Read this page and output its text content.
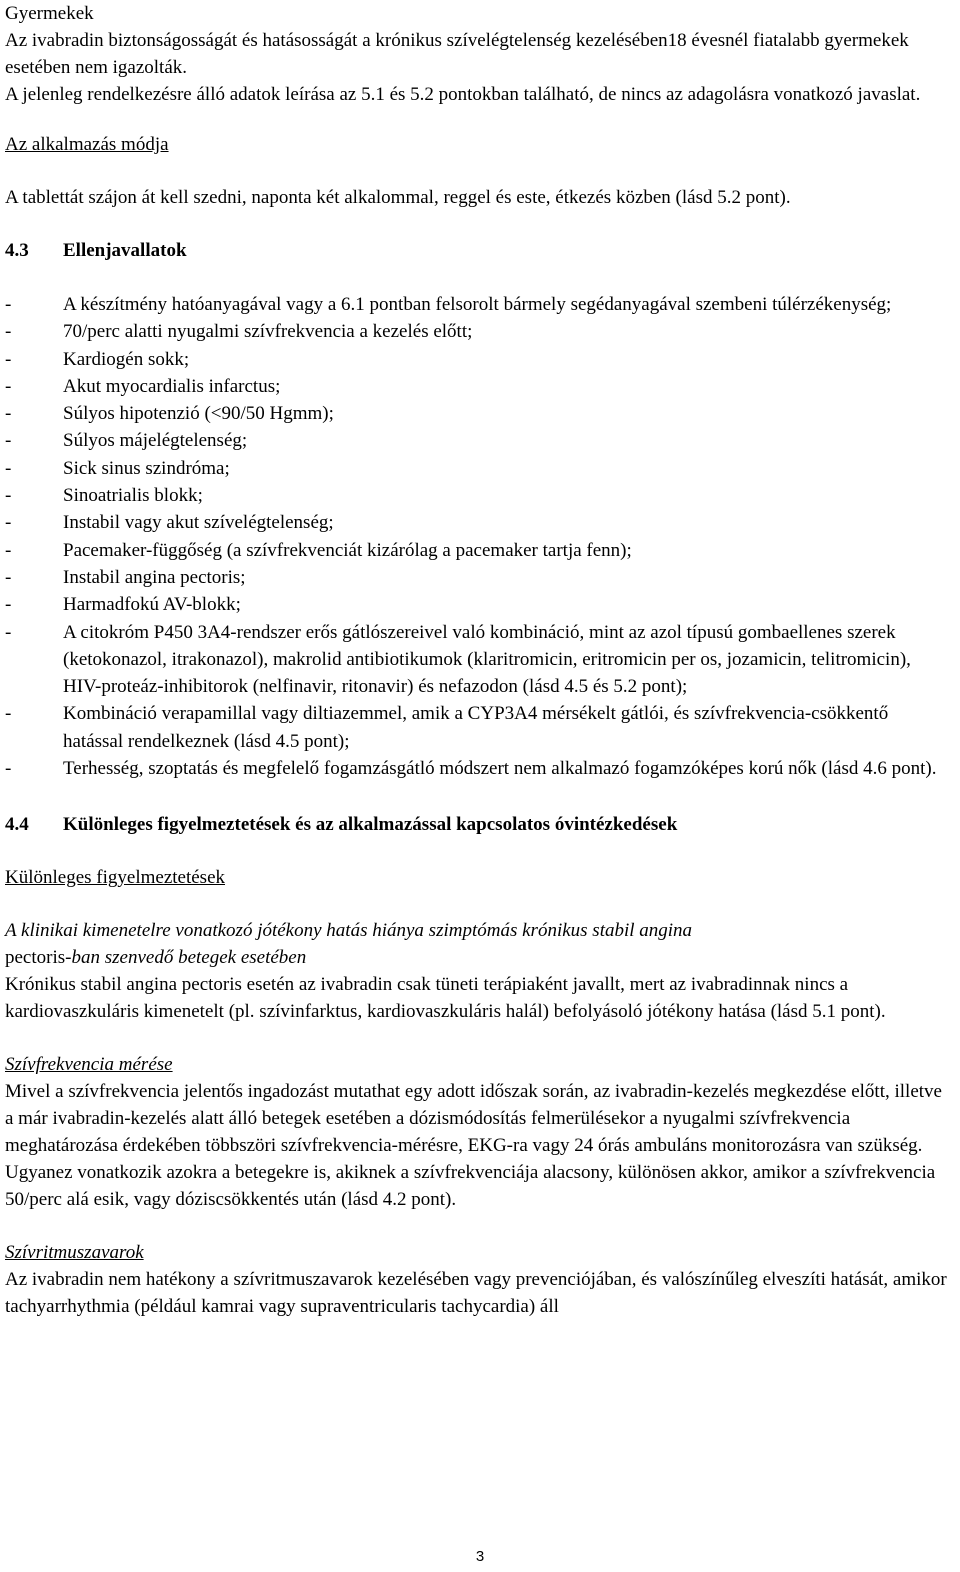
Gyermekek

Az ivabradin biztonságosságát és hatásosságát a krónikus szívelégtelenség kezelésében18 évesnél fiatalabb gyermekek esetében nem igazolták.

A jelenleg rendelkezésre álló adatok leírása az 5.1 és 5.2 pontokban található, de nincs az adagolásra vonatkozó javaslat.

Az alkalmazás módja

A tablettát szájon át kell szedni, naponta két alkalommal, reggel és este, étkezés közben (lásd 5.2 pont).

4.3	Ellenjavallatok
-	A készítmény hatóanyagával vagy a 6.1 pontban felsorolt bármely segédanyagával szembeni túlérzékenység;
-	70/perc alatti nyugalmi szívfrekvencia a kezelés előtt;
-	Kardiogén sokk;
-	Akut myocardialis infarctus;
-	Súlyos hipotenzió (<90/50 Hgmm);
-	Súlyos májelégtelenség;
-	Sick sinus szindróma;
-	Sinoatrialis blokk;
-	Instabil vagy akut szívelégtelenség;
-	Pacemaker-függőség (a szívfrekvenciát kizárólag a pacemaker tartja fenn);
-	Instabil angina pectoris;
-	Harmadfokú AV-blokk;
-	A citokróm P450 3A4-rendszer erős gátlószereivel való kombináció, mint az azol típusú gombaellenes szerek (ketokonazol, itrakonazol), makrolid antibiotikumok (klaritromicin, eritromicin per os, jozamicin, telitromicin), HIV-proteáz-inhibitorok (nelfinavir, ritonavir) és nefazodon (lásd 4.5 és 5.2 pont);
-	Kombináció verapamillal vagy diltiazemmel, amik a CYP3A4 mérsékelt gátlói, és szívfrekvencia-csökkentő hatással rendelkeznek (lásd 4.5 pont);
-	Terhesség, szoptatás és megfelelő fogamzásgátló módszert nem alkalmazó fogamzóképes korú nők (lásd 4.6 pont).
4.4	Különleges figyelmeztetések és az alkalmazással kapcsolatos óvintézkedések

Különleges figyelmeztetések

A klinikai kimenetelre vonatkozó jótékony hatás hiánya szimptómás krónikus stabil angina
pectoris-ban szenvedő betegek esetében

Krónikus stabil angina pectoris esetén az ivabradin csak tüneti terápiaként javallt, mert az ivabradinnak nincs a kardiovaszkuláris kimenetelt (pl. szívinfarktus, kardiovaszkuláris halál) befolyásoló jótékony hatása (lásd 5.1 pont).

Szívfrekvencia mérése

Mivel a szívfrekvencia jelentős ingadozást mutathat egy adott időszak során, az ivabradin-kezelés megkezdése előtt, illetve a már ivabradin-kezelés alatt álló betegek esetében a dózismódosítás felmerülésekor a nyugalmi szívfrekvencia meghatározása érdekében többszöri szívfrekvencia-mérésre, EKG-ra vagy 24 órás ambuláns monitorozásra van szükség. Ugyanez vonatkozik azokra a betegekre is, akiknek a szívfrekvenciája alacsony, különösen akkor, amikor a szívfrekvencia 50/perc alá esik, vagy dóziscsökkentés után (lásd 4.2 pont).

Szívritmuszavarok

Az ivabradin nem hatékony a szívritmuszavarok kezelésében vagy prevenciójában, és valószínűleg elveszíti hatását, amikor tachyarrhythmia (például kamrai vagy supraventricularis tachycardia) áll

3
